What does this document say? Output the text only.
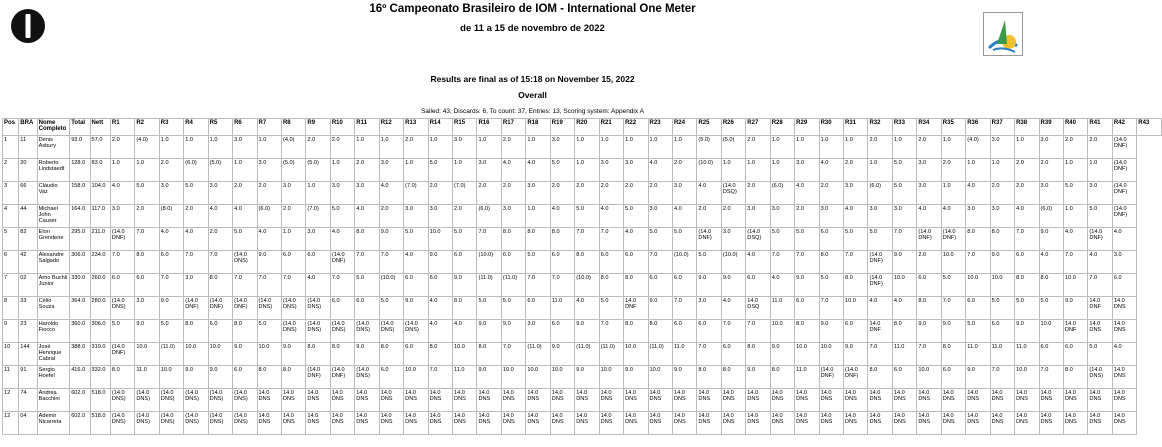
16º Campeonato Brasileiro de IOM - International One Meter
de 11 a 15 de novembro de 2022
Results are final as of 15:18 on November 15, 2022
Overall
Sailed: 43, Discards: 6, To count: 37, Entries: 13, Scoring system: Appendix A
Pos	BRA	Nome Completo	Total	Nett	R1	R2	R3	R4	R5	R6	R7	R8	R9	R10	R11	R12	R13	R14	R15	R16	R17	R18	R19	R20	R21	R22	R23	R24	R25	R26	R27	R28	R29	R30	R31	R32	R33	R34	R35	R36	R37	R38	R39	R40	R41	R42	R43
1	11	Denis Asbury	93.0	57.0	2.0	(4.0)	1.0	1.0	1.0	3.0	1.0	(4.0)	2.0	2.0	1.0	1.0	2.0	1.0	3.0	1.0	2.0	1.0	3.0	1.0	1.0	1.0	1.0	1.0	(5.0)	(5.0)	2.0	1.0	1.0	1.0	1.0	2.0	1.0	2.0	1.0	(4.0)	3.0	1.0	3.0	2.0	2.0	(14.0 DNF)	
2	20	Roberto Lindstaedt	128.0	83.0	1.0	1.0	2.0	(6.0)	(5.0)	1.0	3.0	(5.0)	(5.0)	1.0	2.0	3.0	1.0	5.0	1.0	3.0	4.0	4.0	5.0	1.0	3.0	3.0	4.0	2.0	(10.0)	1.0	1.0	1.0	3.0	4.0	2.0	1.0	5.0	3.0	2.0	1.0	1.0	2.0	2.0	1.0	1.0	(14.0 DNF)	
3	66	Cláudio Vaz	158.0	104.0	4.0	5.0	3.0	5.0	3.0	2.0	2.0	3.0	1.0	3.0	3.0	4.0	(7.0)	2.0	(7.0)	2.0	2.0	3.0	2.0	2.0	2.0	2.0	2.0	3.0	4.0	(14.0 DSQ)	2.0	(6.0)	4.0	2.0	3.0	(6.0)	5.0	3.0	1.0	4.0	2.0	2.0	3.0	5.0	3.0	(14.0 DNF)	
4	44	Michael John Causer	164.0	117.0	3.0	2.0	(8.0)	2.0	4.0	4.0	(6.0)	2.0	(7.0)	5.0	4.0	2.0	3.0	3.0	2.0	(6.0)	3.0	1.0	4.0	5.0	4.0	5.0	3.0	4.0	2.0	2.0	3.0	3.0	2.0	3.0	4.0	3.0	3.0	4.0	4.0	3.0	3.0	4.0	(6.0)	1.0	5.0	(14.0 DNF)	
5	82	Elon Grendene	295.0	211.0	(14.0 DNF)	7.0	4.0	4.0	2.0	5.0	4.0	1.0	3.0	4.0	8.0	9.0	5.0	10.0	5.0	7.0	8.0	8.0	8.0	7.0	7.0	4.0	5.0	5.0	(14.0 DNF)	3.0	(14.0 DSQ)	5.0	5.0	6.0	5.0	5.0	7.0	(14.0 DNF)	(14.0 DNF)	8.0	8.0	7.0	9.0	4.0	(14.0 DNF)	4.0	
6	42	Alexandre Salgado	306.0	234.0	7.0	8.0	6.0	7.0	7.0	(14.0 DNS)	9.0	6.0	6.0	(14.0 DNF)	7.0	7.0	4.0	9.0	6.0	(10.0)	6.0	5.0	6.0	8.0	6.0	6.0	7.0	(10.0)	5.0	(10.0)	4.0	7.0	7.0	8.0	7.0	(14.0 DNF)	9.0	2.0	10.0	7.0	9.0	6.0	4.0	7.0	4.0	3.0	
7	02	Arno Buchli Junior	330.0	260.0	6.0	6.0	7.0	3.0	8.0	7.0	7.0	7.0	4.0	7.0	5.0	(10.0)	6.0	6.0	9.0	(11.0)	(11.0)	7.0	7.0	(10.0)	8.0	8.0	6.0	6.0	9.0	9.0	6.0	4.0	9.0	5.0	8.0	(14.0 DNF)	10.0	6.0	5.0	10.0	10.0	8.0	8.0	10.0	7.0	6.0	
8	33	Célio Souza	364.0	280.0	(14.0 DNS)	3.0	9.0	(14.0 DNF)	(14.0 DNF)	(14.0 DNF)	(14.0 DNS)	(14.0 DNS)	(14.0 DNS)	6.0	6.0	5.0	9.0	4.0	8.0	5.0	5.0	6.0	11.0	4.0	5.0	14.0 DNF	9.0	7.0	3.0	4.0	14.0 DSQ	11.0	6.0	7.0	10.0	4.0	4.0	8.0	7.0	6.0	5.0	5.0	5.0	9.0	14.0 DNF	14.0 DNS	
9	23	Haroldo Fiocco	360.0	306.0	5.0	9.0	5.0	8.0	6.0	8.0	5.0	(14.0 DNS)	(14.0 DNS)	(14.0 DNS)	(14.0 DNS)	(14.0 DNS)	(14.0 DNS)	4.0	4.0	9.0	9.0	3.0	6.0	9.0	7.0	8.0	8.0	6.0	6.0	7.0	7.0	10.0	8.0	9.0	6.0	14.0 DNF	8.0	9.0	9.0	5.0	6.0	9.0	10.0	14.0 DNF	14.0 DNS	14.0 DNS	
10	144	José Henrique Cabral	388.0	319.0	(14.0 DNF)	10.0	(11.0)	10.0	10.0	9.0	10.0	9.0	8.0	8.0	9.0	8.0	6.0	8.0	10.0	8.0	7.0	(11.0)	9.0	(11.0)	(11.0)	10.0	(11.0)	11.0	7.0	6.0	8.0	9.0	10.0	10.0	9.0	7.0	11.0	7.0	8.0	11.0	11.0	11.0	6.0	6.0	5.0	4.0	
11	91	Sergio Hoefel	416.0	332.0	8.0	11.0	10.0	9.0	9.0	6.0	8.0	8.0	(14.0 DNF)	(14.0 DNF)	(14.0 DNS)	6.0	10.0	7.0	11.0	9.0	10.0	10.0	10.0	9.0	10.0	9.0	10.0	9.0	8.0	8.0	9.0	8.0	11.0	(14.0 DNF)	(14.0 DNF)	8.0	6.0	10.0	6.0	9.0	7.0	10.0	7.0	8.0	(14.0 DNS)	14.0 DNS	
12	74	Andrea Bacchini	602.0	518.0	(14.0 DNS)	(14.0 DNS)	(14.0 DNS)	(14.0 DNS)	(14.0 DNS)	(14.0 DNS)	14.0 DNS	14.0 DNS	14.0 DNS	14.0 DNS	14.0 DNS	14.0 DNS	14.0 DNS	14.0 DNS	14.0 DNS	14.0 DNS	14.0 DNS	14.0 DNS	14.0 DNS	14.0 DNS	14.0 DNS	14.0 DNS	14.0 DNS	14.0 DNS	14.0 DNS	14.0 DNS	14.0 DNS	14.0 DNS	14.0 DNS	14.0 DNS	14.0 DNS	14.0 DNS	14.0 DNS	14.0 DNS	14.0 DNS	14.0 DNS	14.0 DNS	14.0 DNS	14.0 DNS	14.0 DNS	14.0 DNS	14.0 DNS	
12	04	Ademir Nicarreta	602.0	518.0	(14.0 DNS)	(14.0 DNS)	(14.0 DNS)	(14.0 DNS)	(14.0 DNS)	(14.0 DNS)	14.0 DNS	14.0 DNS	14.0 DNS	14.0 DNS	14.0 DNS	14.0 DNS	14.0 DNS	14.0 DNS	14.0 DNS	14.0 DNS	14.0 DNS	14.0 DNS	14.0 DNS	14.0 DNS	14.0 DNS	14.0 DNS	14.0 DNS	14.0 DNS	14.0 DNS	14.0 DNS	14.0 DNS	14.0 DNS	14.0 DNS	14.0 DNS	14.0 DNS	14.0 DNS	14.0 DNS	14.0 DNS	14.0 DNS	14.0 DNS	14.0 DNS	14.0 DNS	14.0 DNS	14.0 DNS	14.0 DNS	14.0 DNS	
